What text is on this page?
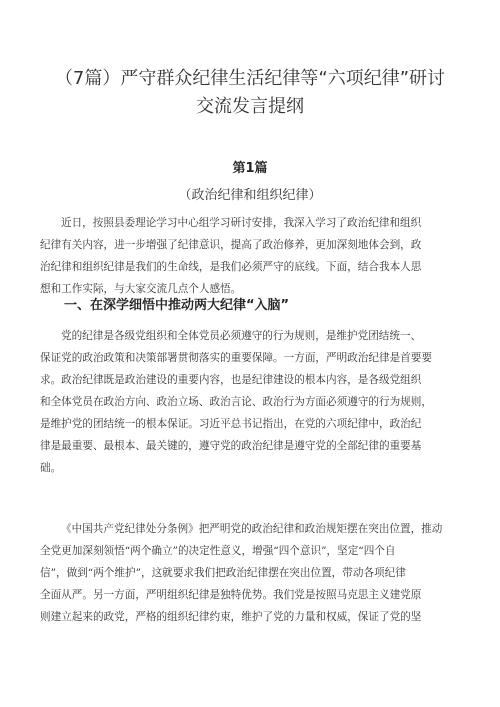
（7篇）严守群众纪律生活纪律等“六项纪律”研讨
交流发言提纲
第1篇
（政治纪律和组织纪律）

近日，按照县委理论学习中心组学习研讨安排，我深入学习了政治纪律和组织
纪律有关内容，进一步增强了纪律意识，提高了政治修养，更加深刻地体会到，政
治纪律和组织纪律是我们的生命线，是我们必须严守的底线。下面，结合我本人思
想和工作实际，与大家交流几点个人感悟。

一、在深学细悟中推动两大纪律“入脑”

党的纪律是各级党组织和全体党员必须遵守的行为规则，是维护党团结统一、
保证党的政治政策和决策部署贯彻落实的重要保障。一方面，严明政治纪律是首要要
求。政治纪律既是政治建设的重要内容，也是纪律建设的根本内容，是各级党组织
和全体党员在政治方向、政治立场、政治言论、政治行为方面必须遵守的行为规则，
是维护党的团结统一的根本保证。习近平总书记指出，在党的六项纪律中，政治纪
律是最重要、最根本、最关键的，遵守党的政治纪律是遵守党的全部纪律的重要基
础。

《中国共产党纪律处分条例》把严明党的政治纪律和政治规矩摆在突出位置，推动
全党更加深刻领悟“两个确立”的决定性意义，增强“四个意识”，坚定“四个自
信”，做到“两个维护”，这就要求我们把政治纪律摆在突出位置，带动各项纪律
全面从严。另一方面，严明组织纪律是独特优势。我们党是按照马克思主义建党原
则建立起来的政党，严格的组织纪律约束，维护了党的力量和权威，保证了党的坚
